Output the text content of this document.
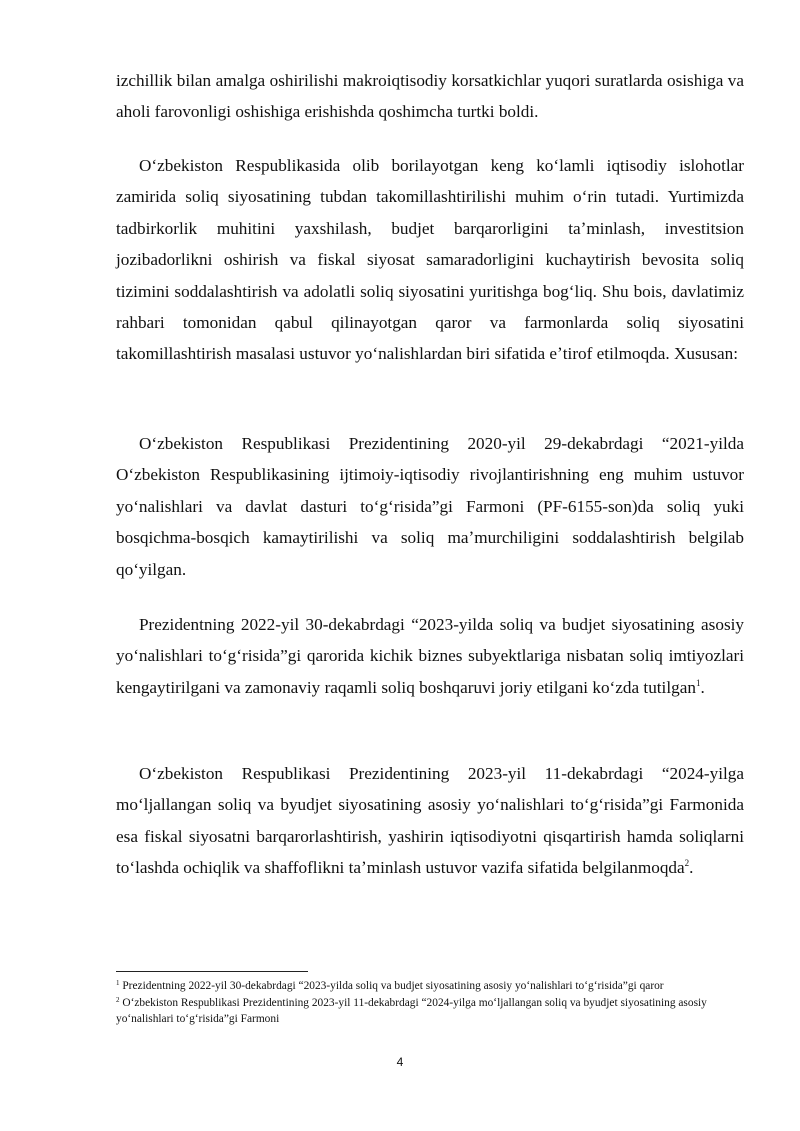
izchillik bilan amalga oshirilishi makroiqtisodiy korsatkichlar yuqori suratlarda osishiga va aholi farovonligi oshishiga erishishda qoshimcha turtki boldi.

Oʻzbekiston Respublikasida olib borilayotgan keng koʻlamli iqtisodiy islohotlar zamirida soliq siyosatining tubdan takomillashtirilishi muhim oʻrin tutadi. Yurtimizda tadbirkorlik muhitini yaxshilash, budjet barqarorligini taʼminlash, investitsion jozibadorlikni oshirish va fiskal siyosat samaradorligini kuchaytirish bevosita soliq tizimini soddalashtirish va adolatli soliq siyosatini yuritishga bogʻliq. Shu bois, davlatimiz rahbari tomonidan qabul qilinayotgan qaror va farmonlarda soliq siyosatini takomillashtirish masalasi ustuvor yoʻnalishlardan biri sifatida eʼtirof etilmoqda. Xususan:

Oʻzbekiston Respublikasi Prezidentining 2020-yil 29-dekabrdagi “2021-yilda Oʻzbekiston Respublikasining ijtimoiy-iqtisodiy rivojlantirishning eng muhim ustuvor yoʻnalishlari va davlat dasturi toʻgʻrisida”gi Farmoni (PF-6155-son)da soliq yuki bosqichma-bosqich kamaytirilishi va soliq maʼmurchiligini soddalashtirish belgilab qoʻyilgan.

Prezidentning 2022-yil 30-dekabrdagi “2023-yilda soliq va budjet siyosatining asosiy yoʻnalishlari toʻgʻrisida”gi qarorida kichik biznes subyektlariga nisbatan soliq imtiyozlari kengaytirilgani va zamonaviy raqamli soliq boshqaruvi joriy etilgani koʻzda tutilgan$^1$.

Oʻzbekiston Respublikasi Prezidentining 2023-yil 11-dekabrdagi “2024-yilga moʻljallangan soliq va byudjet siyosatining asosiy yoʻnalishlari toʻgʻrisida”gi Farmonida esa fiskal siyosatni barqarorlashtirish, yashirin iqtisodiyotni qisqartirish hamda soliqlarni toʻlashda ochiqlik va shaffoflikni taʼminlash ustuvor vazifa sifatida belgilanmoqda$^2$.

$^1$ Prezidentning 2022-yil 30-dekabrdagi “2023-yilda soliq va budjet siyosatining asosiy yoʻnalishlari toʻgʻrisida”gi qaror

$^2$ Oʻzbekiston Respublikasi Prezidentining 2023-yil 11-dekabrdagi “2024-yilga moʻljallangan soliq va byudjet siyosatining asosiy yoʻnalishlari toʻgʻrisida”gi Farmoni

4
